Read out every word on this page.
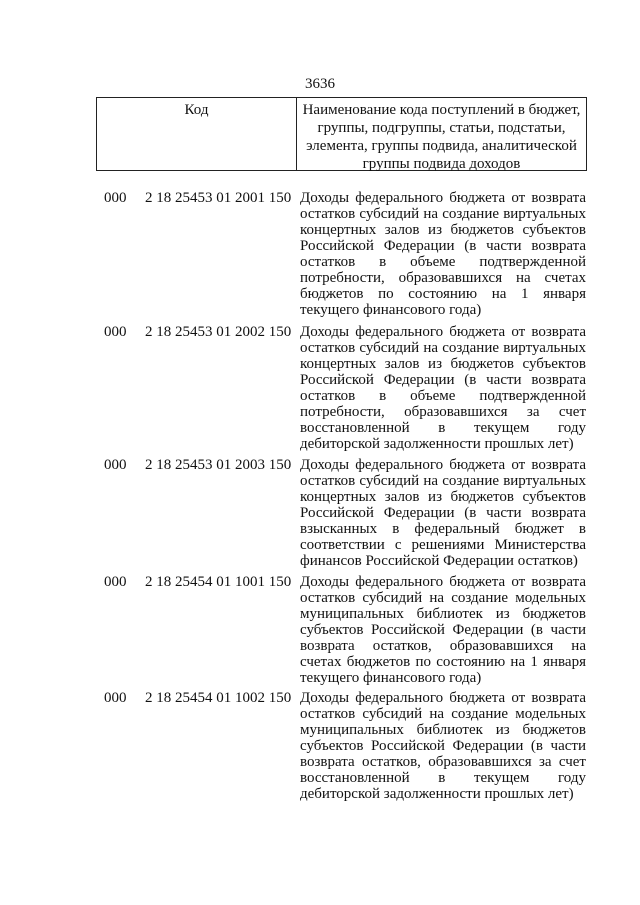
3636
Код	Наименование кода поступлений в бюджет, группы, подгруппы, статьи, подстатьи, элемента, группы подвида, аналитической группы подвида доходов
000 2 18 25453 01 2001 150 Доходы федерального бюджета от возврата остатков субсидий на создание виртуальных концертных залов из бюджетов субъектов Российской Федерации (в части возврата остатков в объеме подтвержденной потребности, образовавшихся на счетах бюджетов по состоянию на 1 января текущего финансового года)
000 2 18 25453 01 2002 150 Доходы федерального бюджета от возврата остатков субсидий на создание виртуальных концертных залов из бюджетов субъектов Российской Федерации (в части возврата остатков в объеме подтвержденной потребности, образовавшихся за счет восстановленной в текущем году дебиторской задолженности прошлых лет)
000 2 18 25453 01 2003 150 Доходы федерального бюджета от возврата остатков субсидий на создание виртуальных концертных залов из бюджетов субъектов Российской Федерации (в части возврата взысканных в федеральный бюджет в соответствии с решениями Министерства финансов Российской Федерации остатков)
000 2 18 25454 01 1001 150 Доходы федерального бюджета от возврата остатков субсидий на создание модельных муниципальных библиотек из бюджетов субъектов Российской Федерации (в части возврата остатков, образовавшихся на счетах бюджетов по состоянию на 1 января текущего финансового года)
000 2 18 25454 01 1002 150 Доходы федерального бюджета от возврата остатков субсидий на создание модельных муниципальных библиотек из бюджетов субъектов Российской Федерации (в части возврата остатков, образовавшихся за счет восстановленной в текущем году дебиторской задолженности прошлых лет)
